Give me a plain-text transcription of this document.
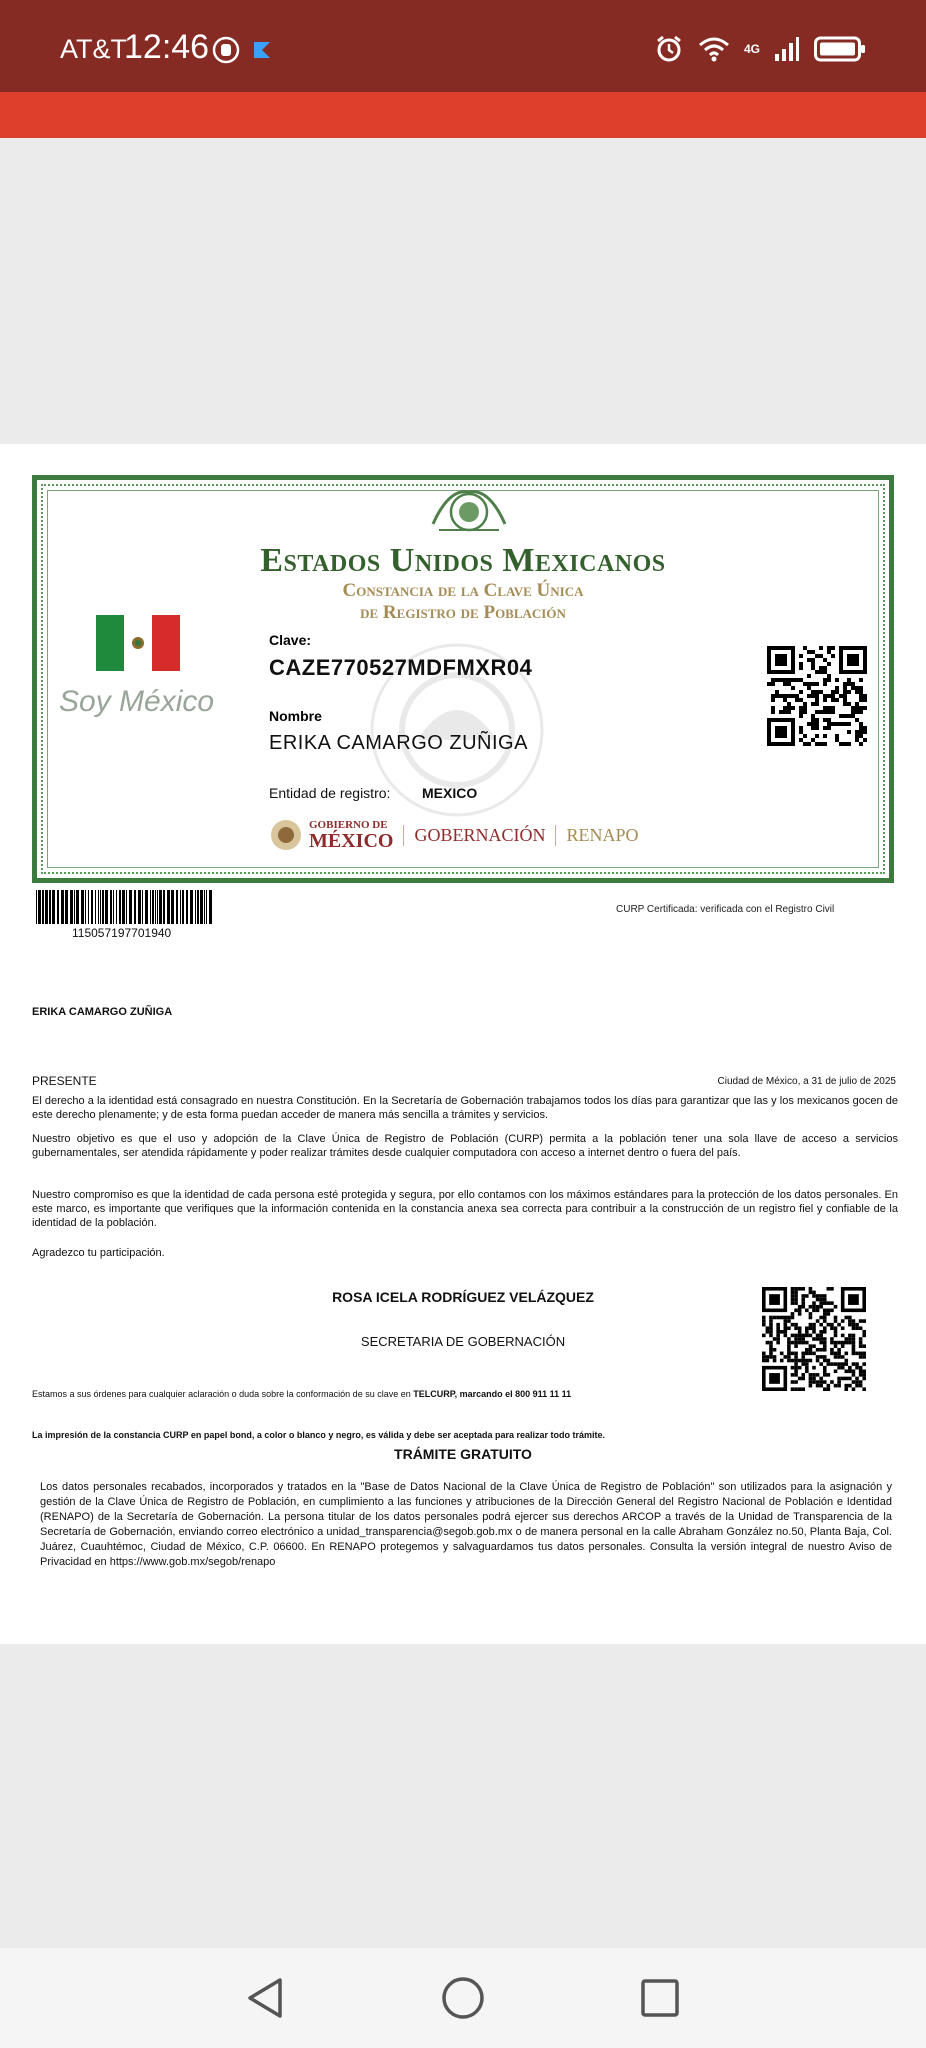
AT&T
12:46	4G
Estados Unidos Mexicanos
Constancia de la Clave Única
de Registro de Población
Soy México
Clave:
CAZE770527MDFMXR04
Nombre
ERIKA CAMARGO ZUÑIGA
Entidad de registro: MEXICO
GOBIERNO DE
MÉXICO	GOBERNACIÓN	RENAPO
115057197701940
CURP Certificada: verificada con el Registro Civil
ERIKA CAMARGO ZUÑIGA
PRESENTE	Ciudad de México, a 31 de julio de 2025

El derecho a la identidad está consagrado en nuestra Constitución. En la Secretaría de Gobernación trabajamos todos los días para garantizar que las y los mexicanos gocen de este derecho plenamente; y de esta forma puedan acceder de manera más sencilla a trámites y servicios.

Nuestro objetivo es que el uso y adopción de la Clave Única de Registro de Población (CURP) permita a la población tener una sola llave de acceso a servicios gubernamentales, ser atendida rápidamente y poder realizar trámites desde cualquier computadora con acceso a internet dentro o fuera del país.

Nuestro compromiso es que la identidad de cada persona esté protegida y segura, por ello contamos con los máximos estándares para la protección de los datos personales. En este marco, es importante que verifiques que la información contenida en la constancia anexa sea correcta para contribuir a la construcción de un registro fiel y confiable de la identidad de la población.

Agradezco tu participación.

ROSA ICELA RODRÍGUEZ VELÁZQUEZ
SECRETARIA DE GOBERNACIÓN
Estamos a sus órdenes para cualquier aclaración o duda sobre la conformación de su clave en TELCURP, marcando el 800 911 11 11
La impresión de la constancia CURP en papel bond, a color o blanco y negro, es válida y debe ser aceptada para realizar todo trámite.
TRÁMITE GRATUITO

Los datos personales recabados, incorporados y tratados en la "Base de Datos Nacional de la Clave Única de Registro de Población" son utilizados para la asignación y gestión de la Clave Única de Registro de Población, en cumplimiento a las funciones y atribuciones de la Dirección General del Registro Nacional de Población e Identidad (RENAPO) de la Secretaría de Gobernación. La persona titular de los datos personales podrá ejercer sus derechos ARCOP a través de la Unidad de Transparencia de la Secretaría de Gobernación, enviando correo electrónico a unidad_transparencia@segob.gob.mx o de manera personal en la calle Abraham González no.50, Planta Baja, Col. Juárez, Cuauhtémoc, Ciudad de México, C.P. 06600. En RENAPO protegemos y salvaguardamos tus datos personales. Consulta la versión integral de nuestro Aviso de Privacidad en https://www.gob.mx/segob/renapo
